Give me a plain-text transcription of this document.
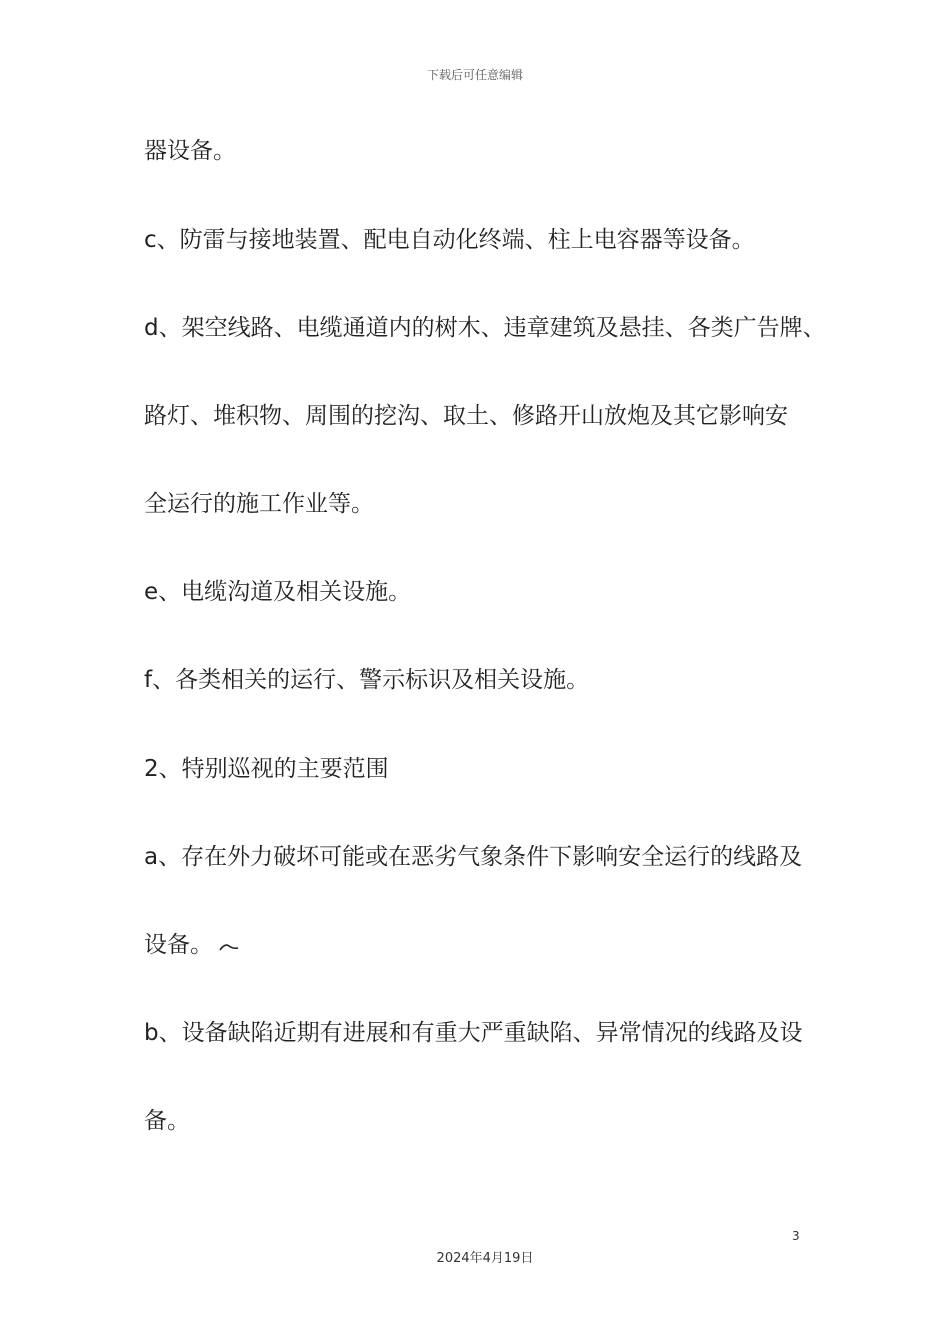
下载后可任意编辑
器设备。
c、防雷与接地装置、配电自动化终端、柱上电容器等设备。
d、架空线路、电缆通道内的树木、违章建筑及悬挂、各类广告牌、
路灯、堆积物、周围的挖沟、取土、修路开山放炮及其它影响安
全运行的施工作业等。
e、电缆沟道及相关设施。
f、各类相关的运行、警示标识及相关设施。
2、特别巡视的主要范围
a、存在外力破坏可能或在恶劣气象条件下影响安全运行的线路及
设备。
b、设备缺陷近期有进展和有重大严重缺陷、异常情况的线路及设
备。
3
2024年4月19日
